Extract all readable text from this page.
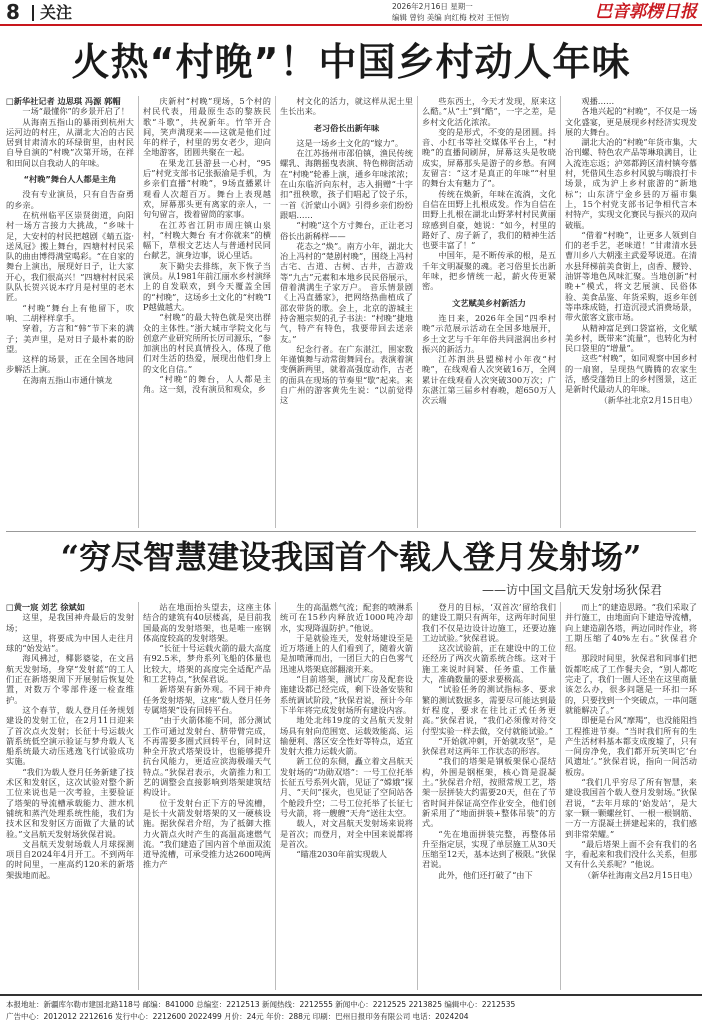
8 关注	2026年2月16日 星期一
编辑 曾钧 美编 向红梅 校对 王恒钧	巴音郭楞日报
火热“村晚”！中国乡村动人年味

□新华社记者 边思琪 冯源 郭帽

一场“最懂你”的乡景开启了！

从海南五指山的暴雨到杭州大运河边的村庄，从湖北大冶的古民居到甘肃清水的环绿街里，由村民自导自演的“村晚”次第开场，在祥和田间以自我动人的年味。

“村晚”舞台人人都是主角

没有专业演员，只有自告奋勇的乡亲。

在杭州临平区崇贤街道，向阳村一场方言接力大挑战，“乡味十足，大安村的村民把越剧《蜻五盗·送凤冠》搬上舞台，四塘村村民采队的曲由博得满堂喝彩。“在自家的舞台上演出，展现好日子，让大家开心，我们很高兴！”四塘村村民采队队长贺兴说本疗月是村里的老木匠。

“村晚”舞台上有他留下，吹响、二胡样样拿手。

穿着，方言和“韩”节下来的满子；美声里，是对日子最朴素的盼望。

这样的场景，正在全国各地同步解活上演。

在海南五指山市通什镇龙

庆新村“村晚”现场，5个村的村民代表，用最原生态的黎族民歌“斗歌”，共祝新年。竹竿开合间，笑声满现来——这就是他们过年的样子，村里的男女老少，迎向全地游客，团圆共聚在一起。

在果龙江县游县一心村，“95后”村党支部书记张振渝是手机，为乡亲们直播“村晚”，9场直播累计观看人次超百万。舞台上表现越欢，屏幕那头更有离家的亲人，一句句留言，拨着留筒的家事。

在江苏省江阴市周庄镇山泉村，“村晚大舞台 有才你就来”的横幅下，草根文艺达人与普通村民同台献艺，演身边事，说心里话。

灰下勤尖去排练，灰下恢子当演员。从1981年前江丽水乡村演绎上的自发联欢，到今天覆盖全国的“村晚”，这场乡土文化的“村晚”IP越做越大。

“村晚”的最大特色就是突出群众的主体性。”浙大城市学院文化与创意产业研究所所长厉司源乐，“参加演出的村民真情投入，体现了他们对生活的热爱，展现出他们身上的文化自信。”

“村晚”的舞台，人人都是主角。这一刻，没有演员和观众，乡

村文化的活力，就这样从泥土里生长出来。

老习俗长出新年味

这是一场乡土文化的“嫁力”。

在江苏扬州市邵伯镇，渔民传统螺乳、海鹅摇曳表演、特色棉街活动在“村晚”轮番上演，通乡年味浓浓；在山东临沂向东村，志入捐赠“十字扣”扭秧歌，孩子们唱起了饺子乐，一首《沂蒙山小调》引得乡亲们纷纷跟唱……

“村晚”这个方寸舞台，正让老习俗长出新稀样——

花态之“焕”。南方小年，湖北大冶上冯村的“楚剧村晚”，围绕上冯村古宅、古道、古树、古井，古游戏等“九古”元素和本地乡民民俗展示，借着满满生子家万户。 音乐情景剧《上冯直播家》，把网络热曲植成了邵农带货的歌。会上，北京的游城主持舍翘宗契的孔子书法：“村晚”捷地气，特产有特色，我要带回去送亲友。”

纪念行者。在广东湛江，围家数年谨慎舞与动常街舞同台。表演着演变俩新两里，就着高强度动作，古老的面具在现场的节奏里“歇”起来。来自广州的游客黄先生说：“以前觉得这

些东西土，今天才发现，原来这么酷。”从“土”到“酷”，一字之差，是乡村文化活化浓浓。

变的是形式，不变的是团圆。抖音、小红书等社交媒体平台上，“村晚”的直播间刷屏，屏幕这头是牧晓成实，屏幕那头是游子的乡愁。有网友留言：“这才是真正的年味”“村里的舞台太有魅力了”。

传统在焕新，年味在流淌，文化自信在田野上扎根成发。作为自信在田野上扎根在湖北山野茅村村民黄丽琼感到自豪，她说：“如今，村里的路好了、房子新了，我们的精神生活也要丰富了！”

中国年，是不断传承的根，是五千年文明凝聚的魂。老习俗里长出新年味，把乡情统一起，薪火传更紧密。

文艺赋美乡村新活力

连日来，2026年全国“四季村晚”示范展示活动在全国多地展开，乡土文艺与千年年俗共同滋润出乡村振兴的新活力。

江苏泗洪县盟梯村小年夜“村晚”，在线观看人次突破16万，全网累计在线观看人次突破300万次；广东湛江第三届乡村春晚，超650万人次云端

观播……

各地兴起的“村晚”，不仅是一场文化盛宴，更是展现乡村经济实现发展的大舞台。

湖北大冶的“村晚”年货市集，大冶刊螺、特色农产品等琳琅满目，让入流连忘返；泸郊都跨区清村镇夸慕村，凭借风生态乡村风貌与嗨浪打卡场景，成为沪上乡村旅游的“新地标”；山东济宁金乡县的万福市集上，15个村党支部书记争相代言本村特产，实现文化赛民与振兴的双向破瓶。

“借着“村晚”，让更多人领到自们的老手艺，老味道！”甘肃清水县曹川乡八大朝涨主武爱琴说道。在清水县拜梯前美食街上，卤香、腰铃、油饼等地色风味汇聚。当地创新“村晚+”模式，将文艺展演、民俗体验、美食品鉴、年货采购，返乡年创等串珠成链，打造沉浸式消费场景，带火旅客文旅市场。

从精神富足到口袋富裕，文化赋美乡村，既带来“流量”，也转化为村民口袋里的“增量”。

这些“村晚”，如同观察中国乡村的一扇窗，呈现热气腾腾的农家生活，感受蓬勃日上的乡村图景，这正是新时代最动人的年味。

（新华社北京2月15日电）

“穷尽智慧建设我国首个载人登月发射场”
——访中国文昌航天发射场狄保君

□黄一宸 刘艺 徐斌如

这里，是我国神舟最后的发射场；

这里，将要成为中国人走往月球的“始发站”。

海风拂过，椰影婆娑，在文昌航天发射场，身穿“发射蓝”的工人们正在新塔架周下开展射后恢复处置，对数万个零部件逐一检查维护。

这个春节，载人登月任务规划建设的发射工位，在2月11日迎来了首次点火发射；长征十号运载火箭系统低空演示验证与梦舟载人飞船系统最大动压逃逸飞行试验成功实施。

“我们为载人登月任务新建了技术区和发射区，这次试验对整个新工位来说也是一次考验，主要验证了塔架的导流槽承载能力、泄水机铺统和蒸汽处理系统性能，我们为技术区和发射区方面做了大量的试验。”文昌航天发射场狄保君说。

文昌航天发射场载人月球探测项目自2024年4月开工。不到两年的时间里，一座高约120米的新塔架拔地而起。

站在地面抬头望去，这座主体结合的建筑有40层楼高，是目前我国最高的发射塔架，也是唯一座钢体高度较高的发射塔架。

“长征十号运载火箭的最大高度有92.5米，梦舟系列飞船的体量也比较大，塔架的高度完全适配产品和工艺特点，”狄保君说。

新塔架有新外观。不同于神舟任务发射塔架，这座“载人登月任务专属塔架”设有回转平台。

“由于火箭体能不同，部分测试工作可通过发射台、脐带臂完成，不再需要多圈式回转平台，同时这种全开放式塔架设计，也能够提升抗台风能力，更适应滨海极端天气特点。”狄保君表示，火箭推力和工艺的调整会直接影响到塔架建筑结构设计。

位于发射台正下方的导流槽，是长十火箭发射塔架的又一硬核设施。据狄保君介绍，为了抵御大推力火箭点火时产生的高温高速燃气流。“我们建造了国内首个单面双流道导流槽，可承受推力达2600吨两推力产

生的高温燃气流；配套的喷淋系统可在15秒内释放近1000吨冷却水，实现降温防护。”他说。

于是就验连天，发射场建设至是近万塔通上的人们看到了，随着火箭是加喷薄而出，一团巨大的白色雾气迅速从塔架底部翻滚开来。

“目前塔架，测试厂房及配套设施建设都已经完成，剩下设备安装和系统调试阶段，”狄保君说，预计今年下半年将完成发射场所有建设内容。

地处北纬19度的文昌航天发射场具有射向范围宽、运载效能高、运输便利、落区安全性好等特点，适宜发射大推力运载火箭。

新工位的东侧，矗立着文昌航天发射场的“功勋双塔”：一号工位托举长征五号系列火箭，见证了“嫦娥”探月、“天问”探火，也见证了空间站各个舱段升空；二号工位托举了长征七号火箭，将一艘艘“天舟”送往太空。

载人，对文昌航天发射场来说将是首次；而登月，对全中国来说都将是首次。

“瞄准2030年前实现载人

登月的目标，‘双首次’留给我们的建设工期只有两年，这两年时间里我们不仅是边设计边施工，还要边施工边试验。”狄保君说。

这次试验前，正在建设中的工位还经历了两次火箭系统合练。这对于施工来说时间紧、任务重、工作量大，准确数量的要求要极高。

“试验任务的测试指标多、要求繁的测试数据多，需要尽可能达到最好程度，要求在往比正式任务更高。”狄保君说，“我们必须像对待交付型实验一样去做，交付就能试验。”

“开始就冲刺，开始就攻坚”，是狄保君对这两年工作状态的形容。

“我们的塔架是钢板架保心混结构，外围是钢框架，核心筒是混凝土。”狄保君介绍，按照常规工艺，塔架一层拼装大约需要20天，但在了节省时间并保证高空作业安全，他们创新采用了“地面拼装+整体吊装”的方式。

“先在地面拼装完整，再整体吊升至指定层，实现了单层施工从30天压缩至12天，基本达到了极限。”狄保君说。

此外，他们还打破了“由下

而上”的建造思路。“我们采取了并行施工，由地面向下建造导流槽，向上建造副各塔，两边同时作业，将工期压缩了40%左右。”狄保君介绍。

那段时间里，狄保君和同事们把饭都吃成了工作餐夫会，“别人都吃完走了，我们一圈人还坐在这里商量该怎么办，很多问题是一环扣一环的，只要找到一个突破点，一串问题就能解决了。”

即便是台风“摩羯”，也没能阻挡工程推进节奏。“当时我们所有的生产生活材料基本都支成废墟了，只有一间房净免，我们都开玩笑叫它‘台风遗址’。”狄保君说，指向一间活动板房。

“我们几乎穷尽了所有智慧，来建设我国首个载人登月发射场。”狄保君说，“去年月球的‘始发站’，是大家一颗一颗螺丝钉、一根一根钢筋、一方一方混凝土拼建起来的，我们感到非常荣耀。”

“最后塔架上面不会有我们的名字，看起来和我们没什么关系，但那又有什么关系呢？”他说。

（新华社海南文昌2月15日电）

本报地址：新疆库尔勒市建国北路118号 邮编：841000 总编室：2212513 新闻热线：2212555 新闻中心：2212525 2213825 编辑中心：2212535
广告中心：2012012 2212616 发行中心：2212600 2022499 月价：24元 年价：288元 印刷：巴州日报印务有限公司 电话：2024204
